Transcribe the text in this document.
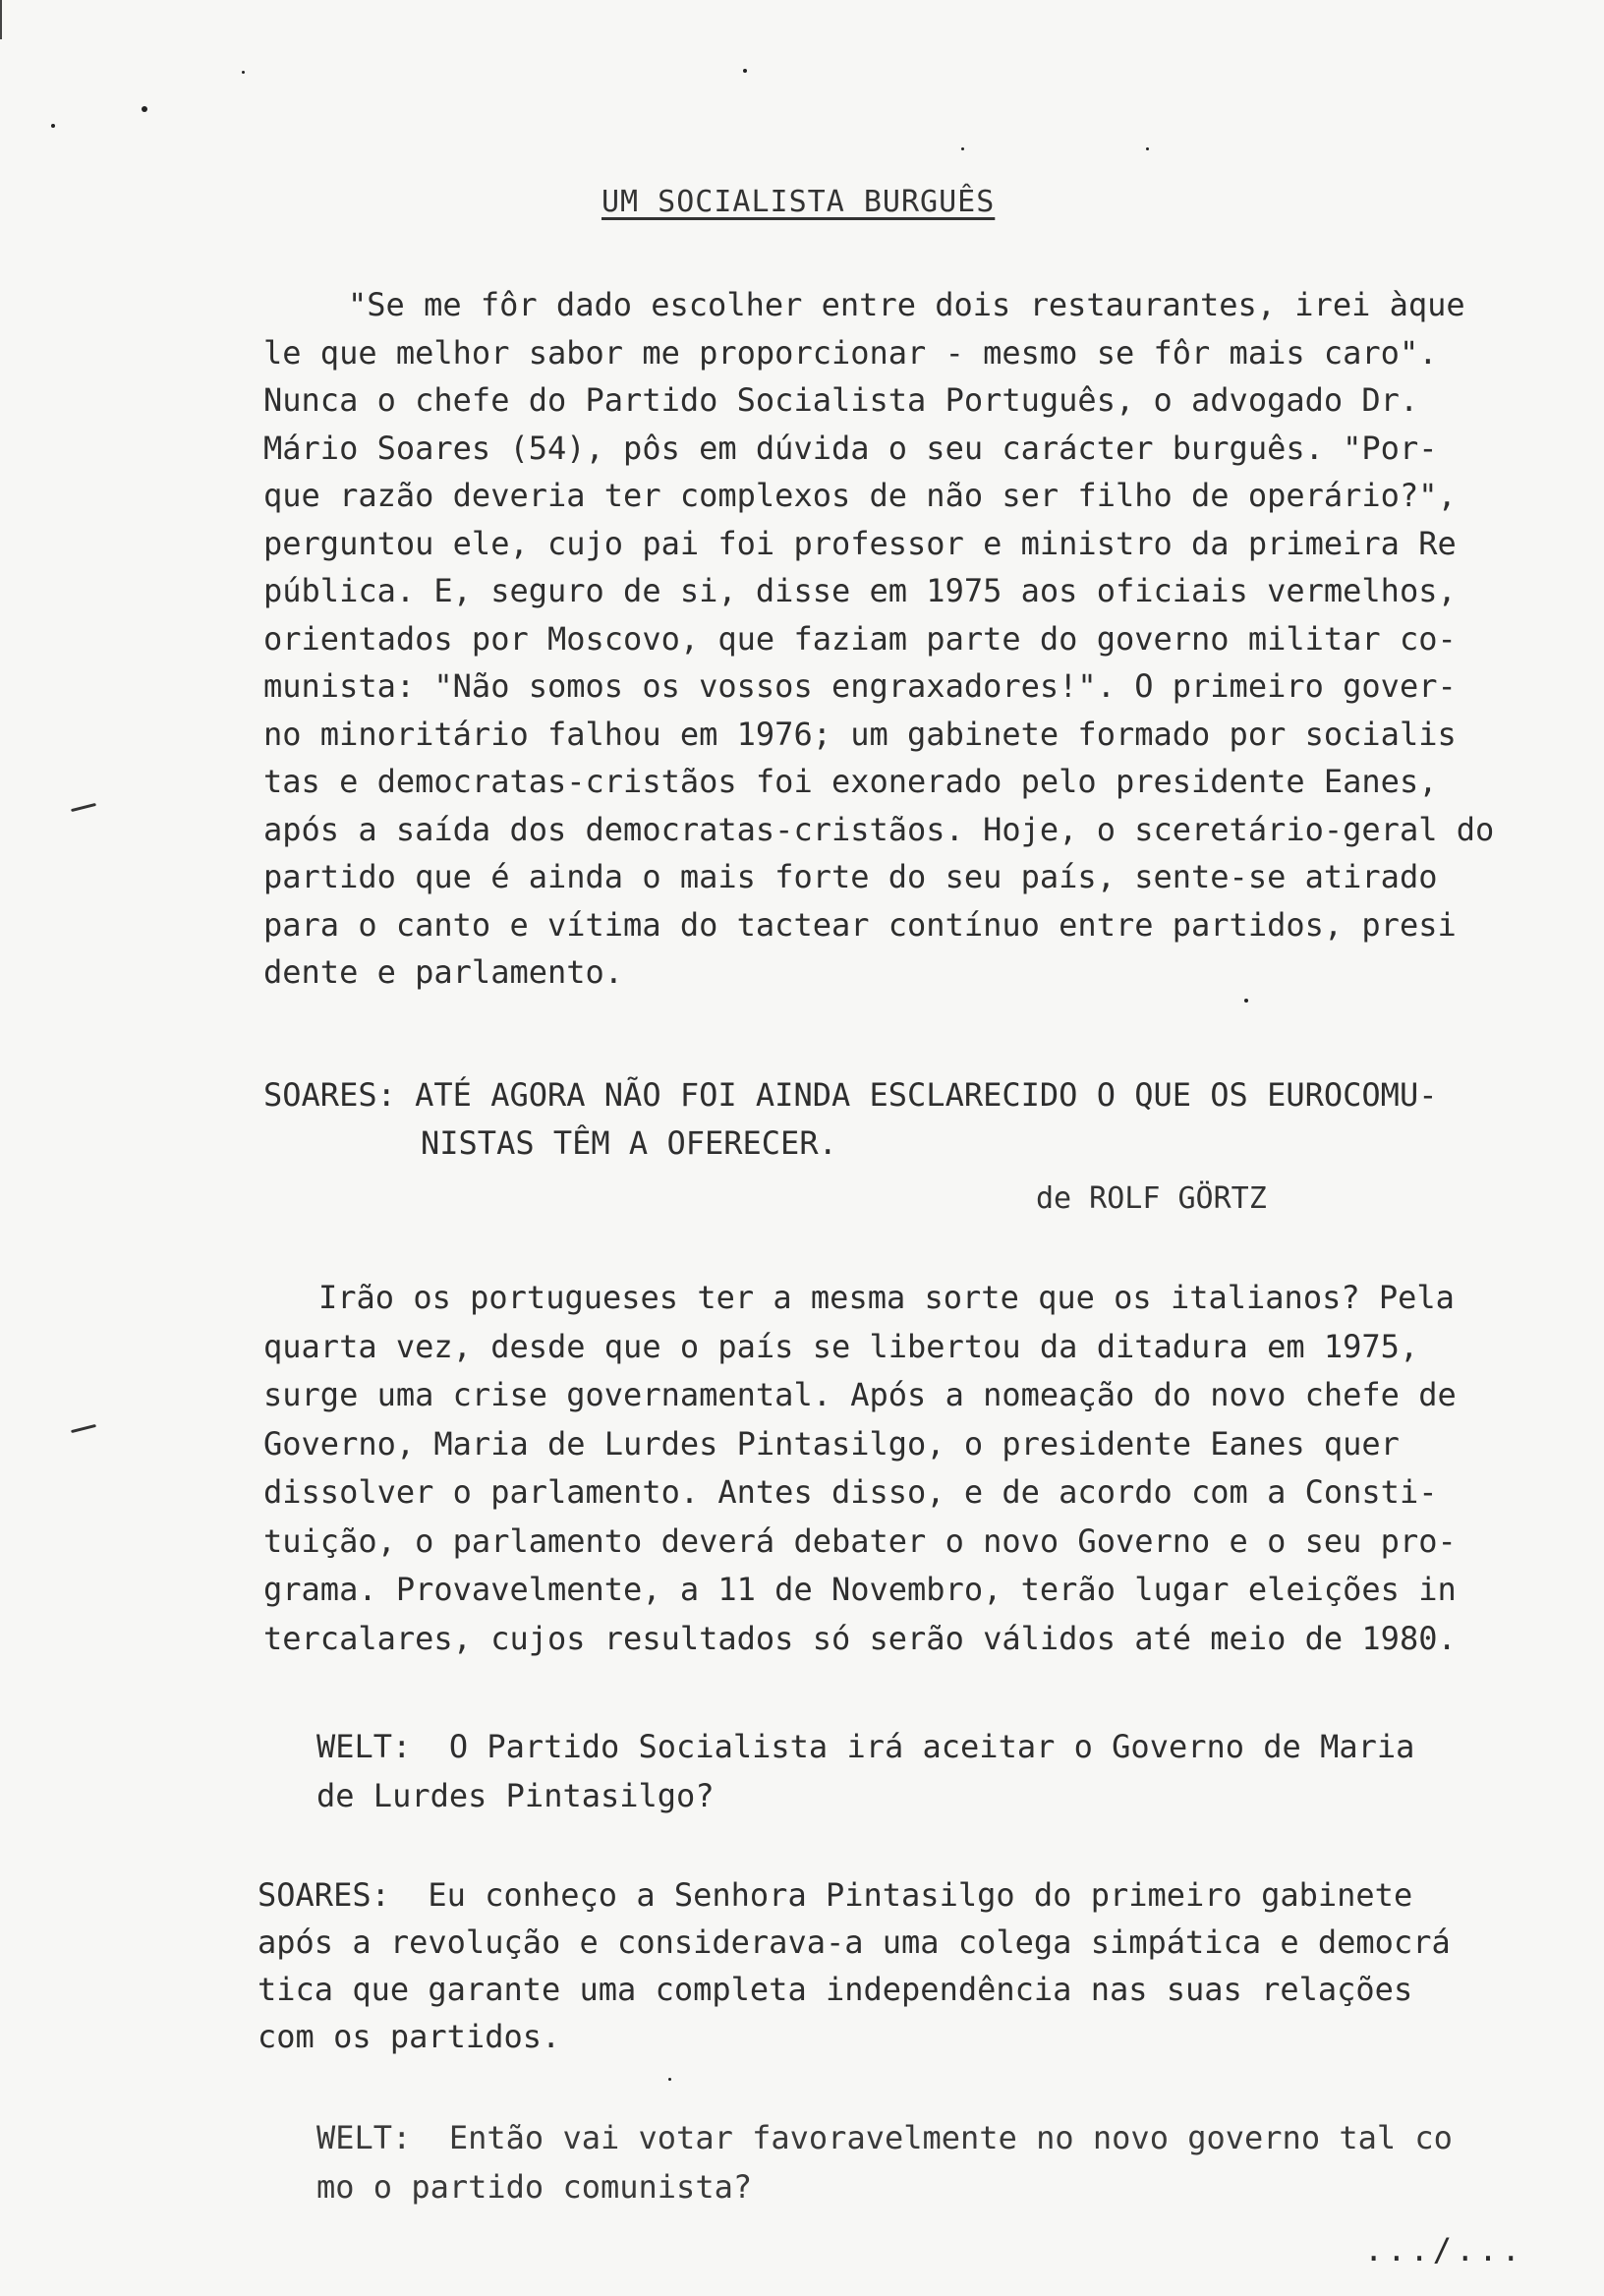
UM SOCIALISTA BURGUÊS
"Se me fôr dado escolher entre dois restaurantes, irei àque
le que melhor sabor me proporcionar - mesmo se fôr mais caro".
Nunca o chefe do Partido Socialista Português, o advogado Dr.
Mário Soares (54), pôs em dúvida o seu carácter burguês. "Por-
que razão deveria ter complexos de não ser filho de operário?",
perguntou ele, cujo pai foi professor e ministro da primeira Re
pública. E, seguro de si, disse em 1975 aos oficiais vermelhos,
orientados por Moscovo, que faziam parte do governo militar co-
munista: "Não somos os vossos engraxadores!". O primeiro gover-
no minoritário falhou em 1976; um gabinete formado por socialis
tas e democratas-cristãos foi exonerado pelo presidente Eanes,
após a saída dos democratas-cristãos. Hoje, o sceretário-geral do
partido que é ainda o mais forte do seu país, sente-se atirado
para o canto e vítima do tactear contínuo entre partidos, presi
dente e parlamento.
SOARES: ATÉ AGORA NÃO FOI AINDA ESCLARECIDO O QUE OS EUROCOMU-
NISTAS TÊM A OFERECER.
de ROLF GÖRTZ
Irão os portugueses ter a mesma sorte que os italianos? Pela
quarta vez, desde que o país se libertou da ditadura em 1975,
surge uma crise governamental. Após a nomeação do novo chefe de
Governo, Maria de Lurdes Pintasilgo, o presidente Eanes quer
dissolver o parlamento. Antes disso, e de acordo com a Consti-
tuição, o parlamento deverá debater o novo Governo e o seu pro-
grama. Provavelmente, a 11 de Novembro, terão lugar eleições in
tercalares, cujos resultados só serão válidos até meio de 1980.
WELT:  O Partido Socialista irá aceitar o Governo de Maria
de Lurdes Pintasilgo?
SOARES:  Eu conheço a Senhora Pintasilgo do primeiro gabinete
após a revolução e considerava-a uma colega simpática e democrá
tica que garante uma completa independência nas suas relações
com os partidos.
WELT:  Então vai votar favoravelmente no novo governo tal co
mo o partido comunista?
.../...
